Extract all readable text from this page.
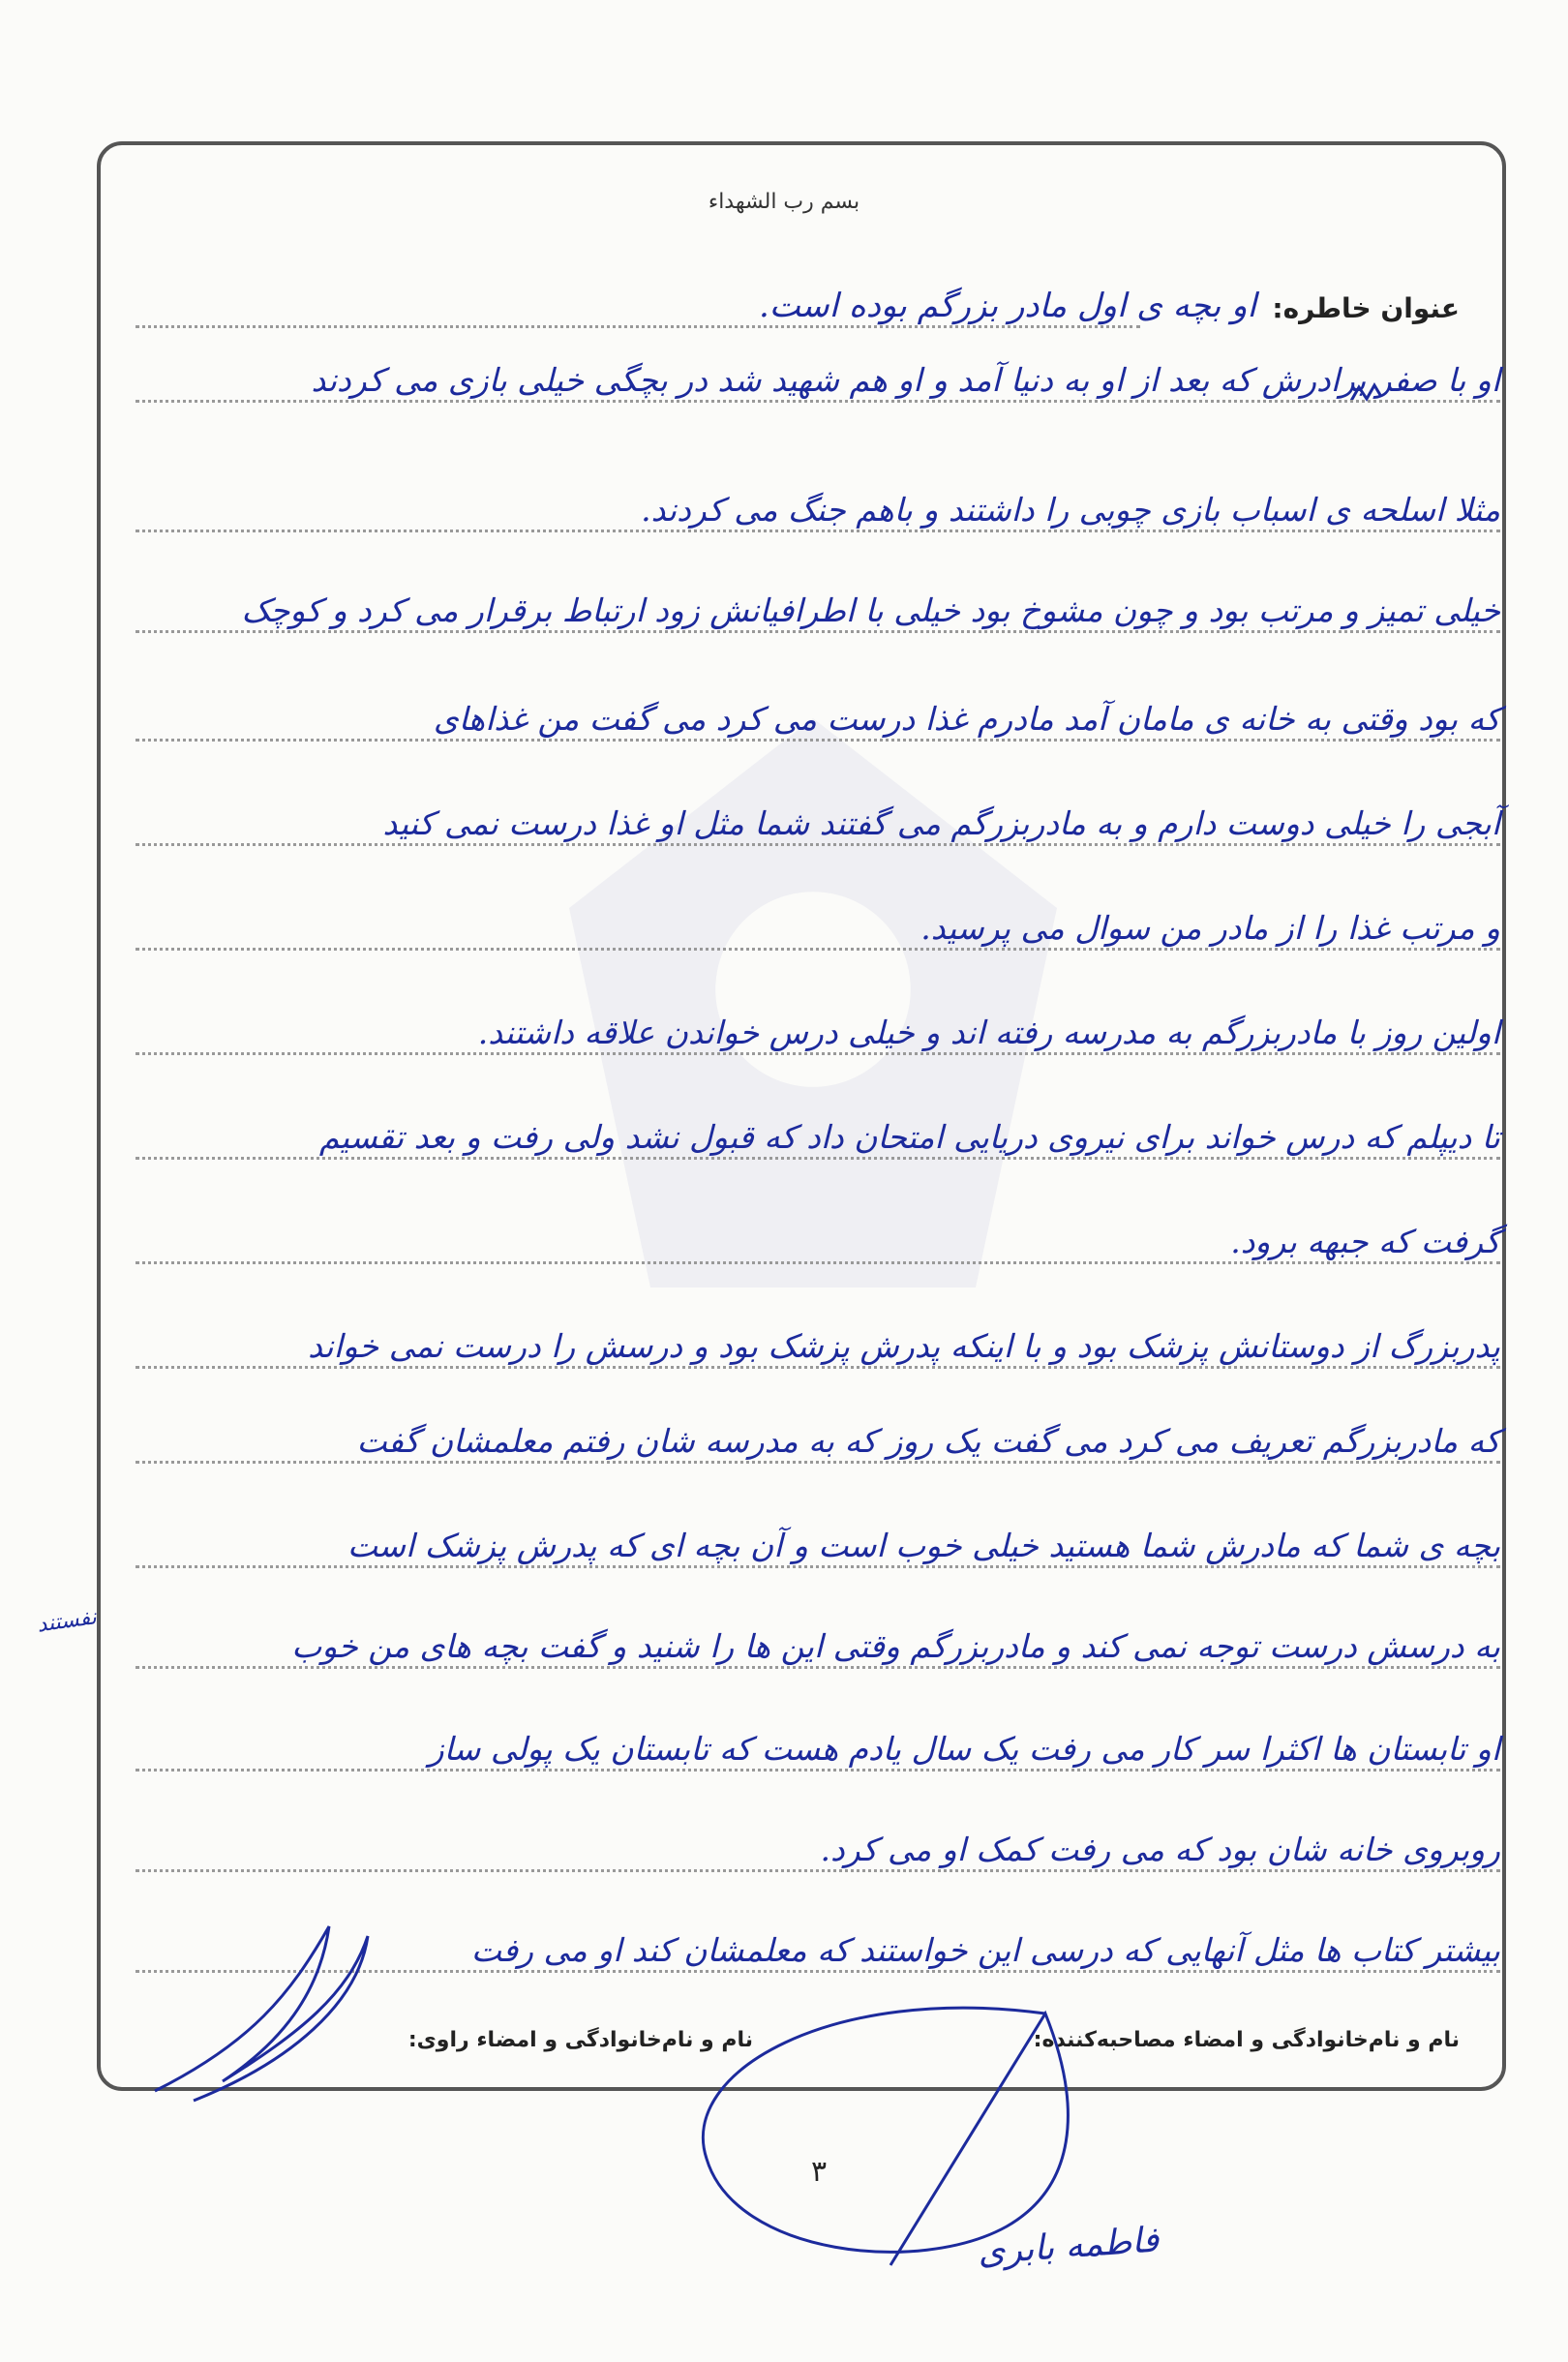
بسم رب الشهداء
عنوان خاطره:
او بچه ی اول مادر بزرگم بوده است.
او با صفر برادرش که بعد از او به دنیا آمد و او هم شهید شد در بچگی خیلی بازی می کردند
مثلا اسلحه ی اسباب بازی چوبی را داشتند و باهم جنگ می کردند.
خیلی تمیز و مرتب بود و چون مشوخ بود خیلی با اطرافیانش زود ارتباط برقرار می کرد و کوچک
که بود وقتی به خانه ی مامان آمد مادرم غذا درست می کرد می گفت من غذاهای
آبجی را خیلی دوست دارم و به مادربزرگم می گفتند شما مثل او غذا درست نمی کنید
و مرتب غذا را از مادر من سوال می پرسید.
اولین روز با مادربزرگم به مدرسه رفته اند و خیلی درس خواندن علاقه داشتند.
تا دیپلم که درس خواند برای نیروی دریایی امتحان داد که قبول نشد ولی رفت و بعد تقسیم
گرفت که جبهه برود.
پدربزرگ از دوستانش پزشک بود و با اینکه پدرش پزشک بود و درسش را درست نمی خواند
که مادربزرگم تعریف می کرد می گفت یک روز که به مدرسه شان رفتم معلمشان گفت
بچه ی شما که مادرش شما هستید خیلی خوب است و آن بچه ای که پدرش پزشک است
به درسش درست توجه نمی کند و مادربزرگم وقتی این ها را شنید و گفت بچه های من خوب
او تابستان ها اکثرا سر کار می رفت یک سال یادم هست که تابستان یک پولی ساز
روبروی خانه شان بود که می رفت کمک او می کرد.
بیشتر کتاب ها مثل آنهایی که درسی این خواستند که معلمشان کند او می رفت
نفستند
نام و نام‌خانوادگی و امضاء مصاحبه‌کننده:
نام و نام‌خانوادگی و امضاء راوی:
۳
فاطمه بابری
